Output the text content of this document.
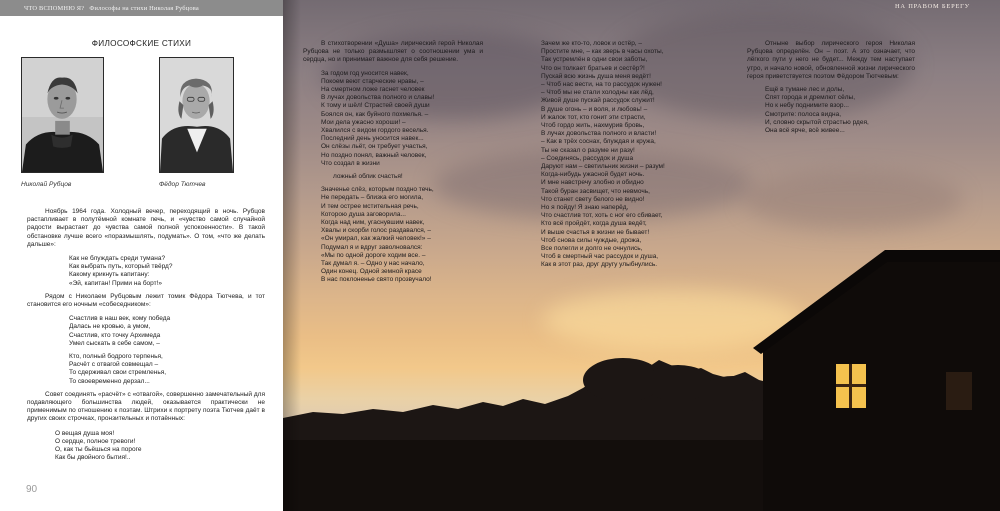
ЧТО ВСПОМНЮ Я? Философы на стихи Николая Рубцова
ФИЛОСОФСКИЕ СТИХИ
Николай Рубцов	Фёдор Тютчев

Ноябрь 1964 года. Холодный вечер, переходящий в ночь. Рубцов растапливает в полутёмной комнате печь, и «чувство самой случайной радости вырастает до чувства самой полной успокоенности». В такой обстановке лучше всего «поразмышлять, подумать». О том, «что же делать дальше»:

Как не блуждать среди тумана?
Как выбрать путь, который твёрд?
Какому крикнуть капитану:
«Эй, капитан! Прими на борт!»

Рядом с Николаем Рубцовым лежит томик Фёдора Тютчева, и тот становится его ночным «собеседником»:

Счастлив в наш век, кому победа
Далась не кровью, а умом,
Счастлив, кто точку Архимеда
Умел сыскать в себе самом, –

Кто, полный бодрого терпенья,
Расчёт с отвагой совмещал –
То сдерживал свои стремленья,
То своевременно дерзал...

Совет соединять «расчёт» с «отвагой», совершенно замечательный для подавляющего большинства людей, оказывается практически не применимым по отношению к поэтам. Штрихи к портрету поэта Тютчев даёт в других своих строчках, пронзительных и потаённых:

О вещая душа моя!
О сердце, полное тревоги!
О, как ты бьёшься на пороге
Как бы двойного бытия!..

90
НА ПРАВОМ БЕРЕГУ

В стихотворении «Душа» лирический герой Николая Рубцова не только размышляет о соотношении ума и сердца, но и принимает важное для себя решение.

За годом год уносится навек,
Покоем веют старческие нравы, –
На смертном ложе гаснет человек
В лучах довольства полного и славы!
К тому и шёл! Страстей своей души
Боялся он, как буйного похмелья. –
Мои дела ужасно хороши! –
Хвалился с видом гордого веселья.
Последний день уносится навек...
Он слёзы льёт, он требует участья,
Но поздно понял, важный человек,
Что создал в жизни

ложный облик счастья!

Значенье слёз, которым поздно течь,
Не передать – близка его могила,
И тем острее мстительная речь,
Которою душа заговорила...
Когда над ним, угаснувшим навек,
Хвалы и скорби голос раздавался, –
«Он умирал, как жалкий человек!» –
Подумал я и вдруг заволновался:
«Мы по одной дороге ходим все. –
Так думал я. – Одно у нас начало,
Один конец. Одной земной красе
В нас поклоненье свято прозвучало!

Зачем же кто-то, ловок и остёр, –
Простите мне, – как зверь в часы охоты,
Так устремлён в одни свои заботы,
Что он толкает братьев и сестёр?!
Пускай всю жизнь душа меня ведёт!
– Чтоб нас вести, на то рассудок нужен!
– Чтоб мы не стали холодны как лёд,
Живой душе пускай рассудок служит!
В душе огонь – и воля, и любовь! –
И жалок тот, кто гонит эти страсти,
Чтоб гордо жить, нахмурив бровь,
В лучах довольства полного и власти!
– Как в трёх соснах, блуждая и кружа,
Ты не сказал о разуме ни разу!
– Соединясь, рассудок и душа
Даруют нам – светильник жизни – разум!
Когда-нибудь ужасной будет ночь.
И мне навстречу злобно и обидно
Такой буран засвищет, что невмочь,
Что станет свету белого не видно!
Но я пойду! Я знаю наперёд,
Что счастлив тот, хоть с ног его сбивает,
Кто всё пройдёт, когда душа ведёт,
И выше счастья в жизни не бывает!
Чтоб снова силы чуждые, дрожа,
Все полегли и долго не очнулись,
Чтоб в смертный час рассудок и душа,
Как в этот раз, друг другу улыбнулись.

Отныне выбор лирического героя Николая Рубцова определён. Он – поэт. А это означает, что лёгкого пути у него не будет... Между тем наступает утро, и начало новой, обновленной жизни лирического героя приветствуется поэтом Фёдором Тютчевым:

Ещё в тумане лес и долы,
Спят города и дремлют сёлы,
Но к небу поднимите взор...
Смотрите: полоса видна,
И, словно скрытой страстью рдея,
Она всё ярче, всё живее...
